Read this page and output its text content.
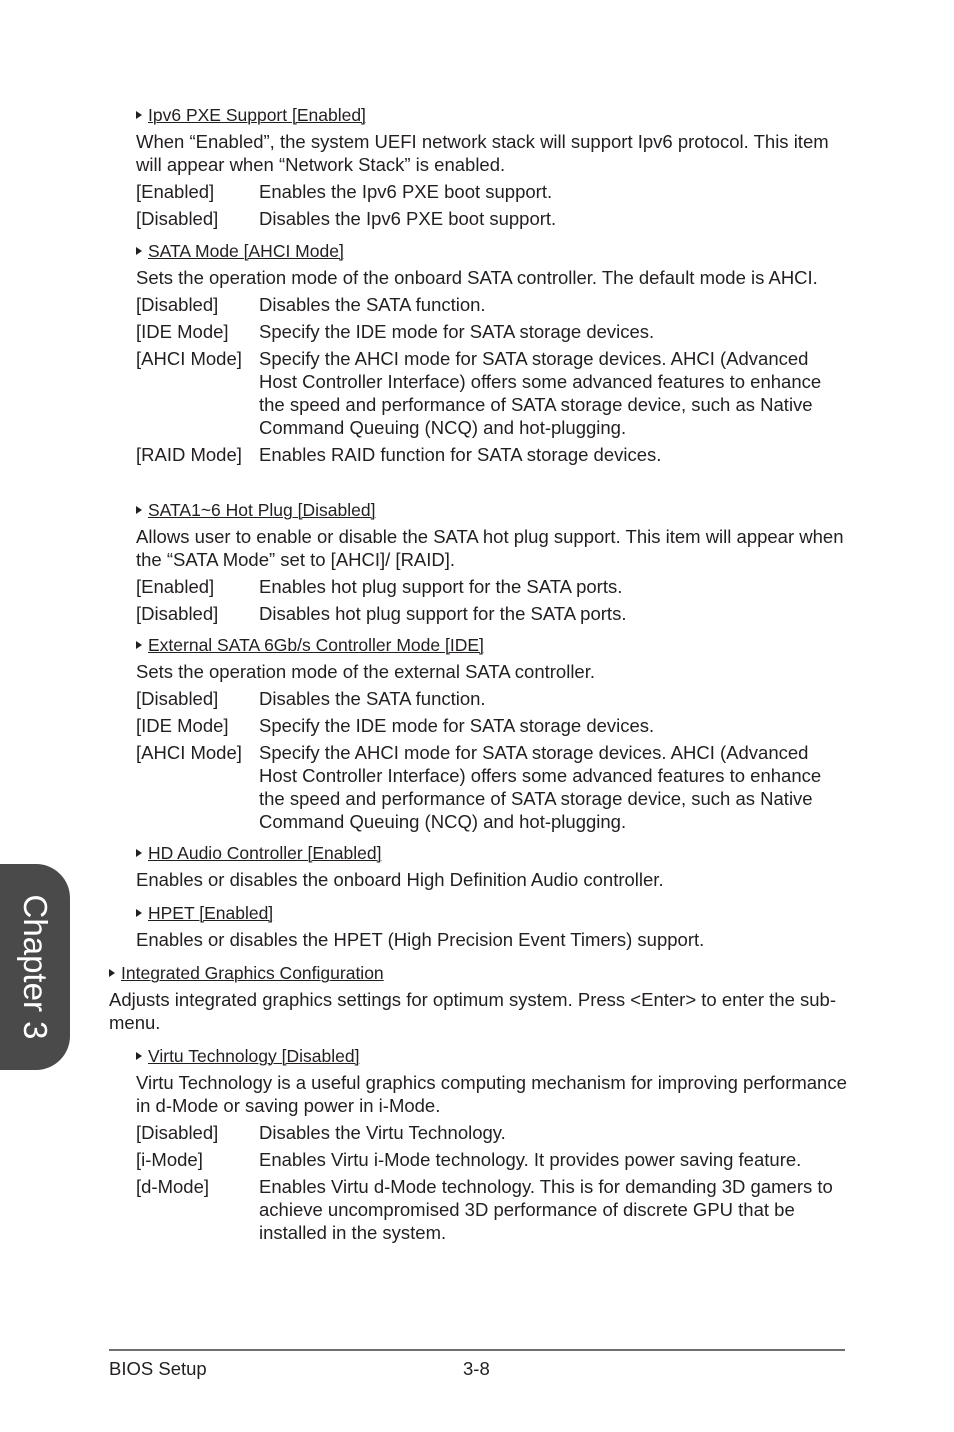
Ipv6 PXE Support [Enabled]
When “Enabled”, the system UEFI network stack will support Ipv6 protocol. This item will appear when “Network Stack” is enabled.
[Enabled]	Enables the Ipv6 PXE boot support.
[Disabled]	Disables the Ipv6 PXE boot support.
SATA Mode [AHCI Mode]
Sets the operation mode of the onboard SATA controller. The default mode is AHCI.
[Disabled]	Disables the SATA function.
[IDE Mode]	Specify the IDE mode for SATA storage devices.
[AHCI Mode] Specify the AHCI mode for SATA storage devices. AHCI (Advanced Host Controller Interface) offers some advanced features to enhance the speed and performance of SATA storage device, such as Native Command Queuing (NCQ) and hot-plugging.
[RAID Mode] Enables RAID function for SATA storage devices.
SATA1~6 Hot Plug [Disabled]
Allows user to enable or disable the SATA hot plug support. This item will appear when the “SATA Mode” set to [AHCI]/ [RAID].
[Enabled]	Enables hot plug support for the SATA ports.
[Disabled]	Disables hot plug support for the SATA ports.
External SATA 6Gb/s Controller Mode [IDE]
Sets the operation mode of the external SATA controller.
[Disabled]	Disables the SATA function.
[IDE Mode]	Specify the IDE mode for SATA storage devices.
[AHCI Mode] Specify the AHCI mode for SATA storage devices. AHCI (Advanced Host Controller Interface) offers some advanced features to enhance the speed and performance of SATA storage device, such as Native Command Queuing (NCQ) and hot-plugging.
HD Audio Controller [Enabled]
Enables or disables the onboard High Definition Audio controller.
HPET [Enabled]
Enables or disables the HPET (High Precision Event Timers) support.
Integrated Graphics Configuration
Adjusts integrated graphics settings for optimum system. Press <Enter> to enter the sub-menu.
Virtu Technology [Disabled]
Virtu Technology is a useful graphics computing mechanism for improving performance in d-Mode or saving power in i-Mode.
[Disabled]	Disables the Virtu Technology.
[i-Mode]	Enables Virtu i-Mode technology. It provides power saving feature.
[d-Mode]	Enables Virtu d-Mode technology. This is for demanding 3D gamers to achieve uncompromised 3D performance of discrete GPU that be installed in the system.
Chapter 3
BIOS Setup	3-8
